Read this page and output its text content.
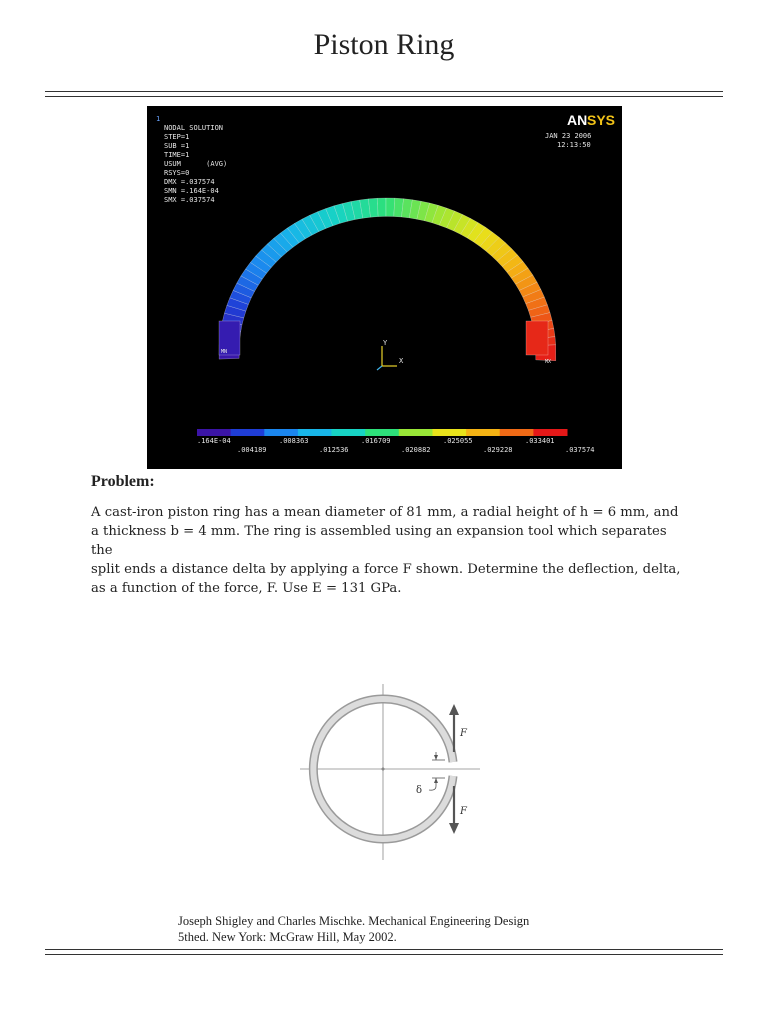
Piston Ring
1
NODAL SOLUTION
STEP=1
SUB =1
TIME=1
USUM      (AVG)
RSYS=0
DMX =.037574
SMN =.164E-04
SMX =.037574
AN SYS
JAN 23 2006
12:13:50
MN
MX
Y
X
.164E-04	.008363	.016709	.025055	.033401
.004189	.012536	.020882	.029228	.037574
Problem:
A cast-iron piston ring has a mean diameter of 81 mm, a radial height of h = 6 mm, and
a thickness b = 4 mm. The ring is assembled using an expansion tool which separates the
split ends a distance delta by applying a force F shown. Determine the deflection, delta,
as a function of the force, F. Use E = 131 GPa.
F
F
δ
Joseph Shigley and Charles Mischke. Mechanical Engineering Design
5thed. New York: McGraw Hill, May 2002.
